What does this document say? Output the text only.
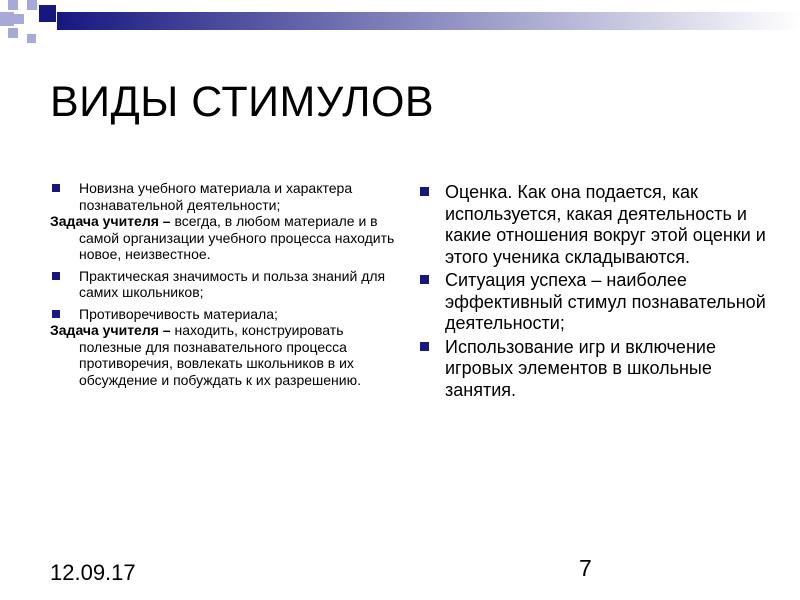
ВИДЫ СТИМУЛОВ
Новизна учебного материала и характера познавательной деятельности;
Задача учителя – всегда, в любом материале и в самой организации учебного процесса находить новое, неизвестное.
Практическая значимость и польза знаний для самих школьников;
Противоречивость материала;
Задача учителя – находить, конструировать полезные для познавательного процесса противоречия, вовлекать школьников в их обсуждение и побуждать к их разрешению.
Оценка. Как она подается, как используется, какая деятельность и какие отношения вокруг этой оценки и этого ученика складываются.
Ситуация успеха – наиболее эффективный стимул познавательной деятельности;
Использование игр и включение игровых элементов в школьные занятия.
12.09.17	7
